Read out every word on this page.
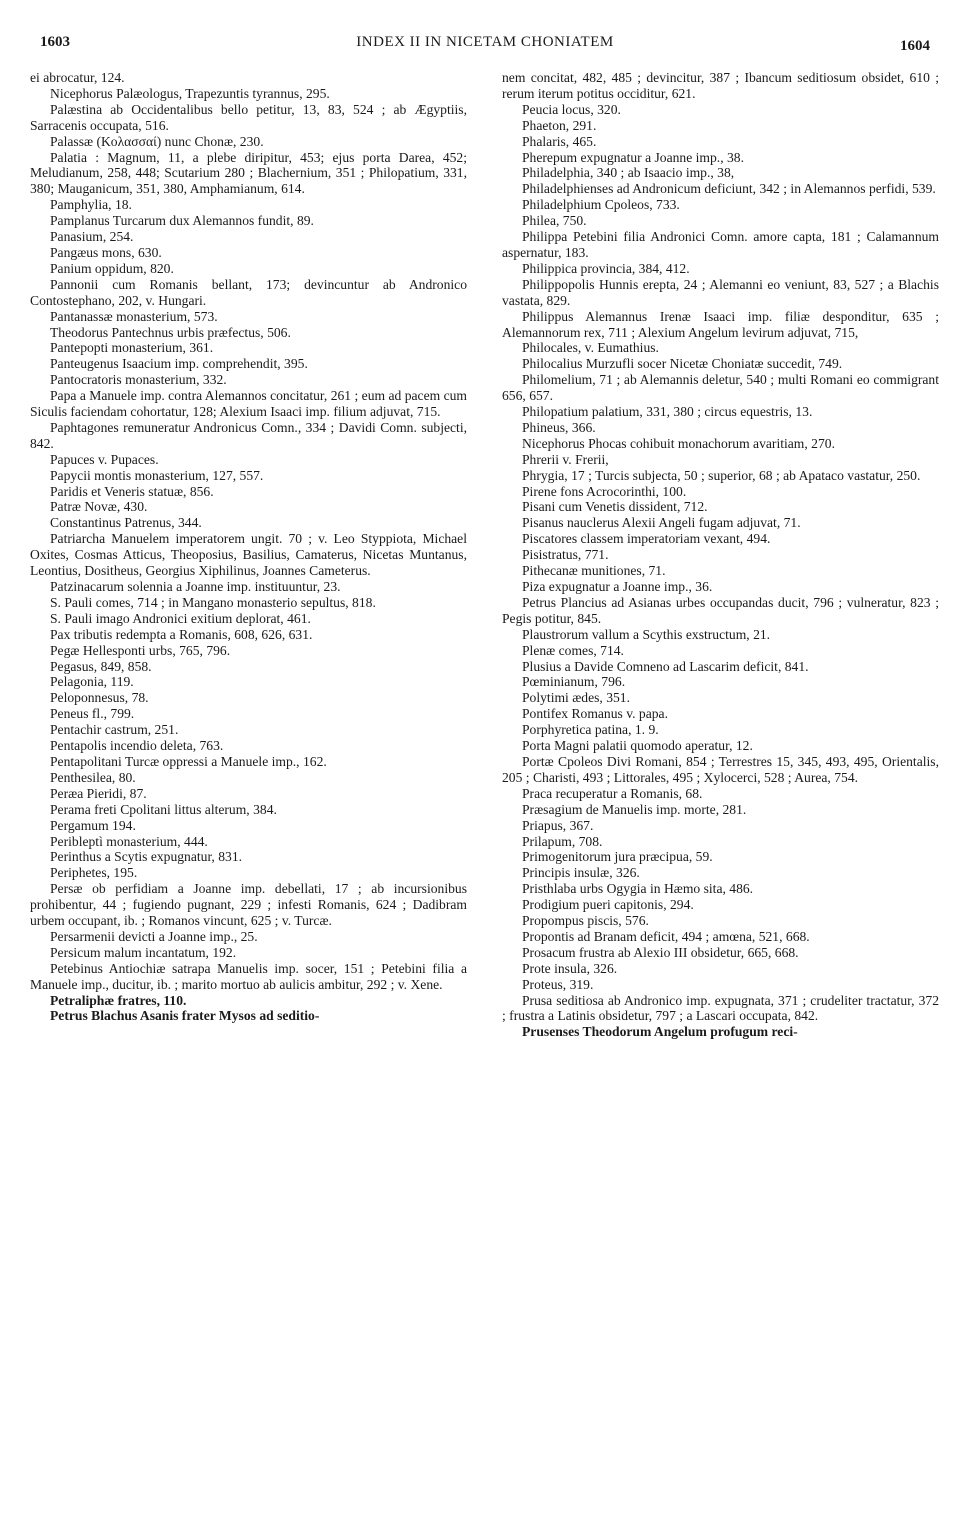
1603	INDEX II IN NICETAM CHONIATEM	1604

ei abrocatur, 124.

Nicephorus Palæologus, Trapezuntis tyrannus, 295.

Palæstina ab Occidentalibus bello petitur, 13, 83, 524 ; ab Ægyptiis, Sarracenis occupata, 516.

Palassæ (Κολασσαί) nunc Chonæ, 230.

Palatia : Magnum, 11, a plebe diripitur, 453; ejus porta Darea, 452; Meludianum, 258, 448; Scutarium 280 ; Blachernium, 351 ; Philopatium, 331, 380; Mauganicum, 351, 380, Amphamianum, 614.

Pamphylia, 18.

Pamplanus Turcarum dux Alemannos fundit, 89.

Panasium, 254.

Pangæus mons, 630.

Panium oppidum, 820.

Pannonii cum Romanis bellant, 173; devincuntur ab Andronico Contostephano, 202, v. Hungari.

Pantanassæ monasterium, 573.

Theodorus Pantechnus urbis præfectus, 506.

Pantepopti monasterium, 361.

Panteugenus Isaacium imp. comprehendit, 395.

Pantocratoris monasterium, 332.

Papa a Manuele imp. contra Alemannos concitatur, 261 ; eum ad pacem cum Siculis faciendam cohortatur, 128; Alexium Isaaci imp. filium adjuvat, 715.

Paphtagones remuneratur Andronicus Comn., 334 ; Davidi Comn. subjecti, 842.

Papuces v. Pupaces.

Papycii montis monasterium, 127, 557.

Paridis et Veneris statuæ, 856.

Patræ Novæ, 430.

Constantinus Patrenus, 344.

Patriarcha Manuelem imperatorem ungit. 70 ; v. Leo Styppiota, Michael Oxites, Cosmas Atticus, Theoposius, Basilius, Camaterus, Nicetas Muntanus, Leontius, Dositheus, Georgius Xiphilinus, Joannes Cameterus.

Patzinacarum solennia a Joanne imp. instituuntur, 23.

S. Pauli comes, 714 ; in Mangano monasterio sepultus, 818.

S. Pauli imago Andronici exitium deplorat, 461.

Pax tributis redempta a Romanis, 608, 626, 631.

Pegæ Hellesponti urbs, 765, 796.

Pegasus, 849, 858.

Pelagonia, 119.

Peloponnesus, 78.

Peneus fl., 799.

Pentachir castrum, 251.

Pentapolis incendio deleta, 763.

Pentapolitani Turcæ oppressi a Manuele imp., 162.

Penthesilea, 80.

Peræa Pieridi, 87.

Perama freti Cpolitani littus alterum, 384.

Pergamum 194.

Peribleptì monasterium, 444.

Perinthus a Scytis expugnatur, 831.

Periphetes, 195.

Persæ ob perfidiam a Joanne imp. debellati, 17 ; ab incursionibus prohibentur, 44 ; fugiendo pugnant, 229 ; infesti Romanis, 624 ; Dadibram urbem occupant, ib. ; Romanos vincunt, 625 ; v. Turcæ.

Persarmenii devicti a Joanne imp., 25.

Persicum malum incantatum, 192.

Petebinus Antiochiæ satrapa Manuelis imp. socer, 151 ; Petebini filia a Manuele imp., ducitur, ib. ; marito mortuo ab aulicis ambitur, 292 ; v. Xene.

Petraliphæ fratres, 110.

Petrus Blachus Asanis frater Mysos ad seditio-

nem concitat, 482, 485 ; devincitur, 387 ; Ibancum seditiosum obsidet, 610 ; rerum iterum potitus occiditur, 621.

Peucia locus, 320.

Phaeton, 291.

Phalaris, 465.

Pherepum expugnatur a Joanne imp., 38.

Philadelphia, 340 ; ab Isaacio imp., 38,

Philadelphienses ad Andronicum deficiunt, 342 ; in Alemannos perfidi, 539.

Philadelphium Cpoleos, 733.

Philea, 750.

Philippa Petebini filia Andronici Comn. amore capta, 181 ; Calamannum aspernatur, 183.

Philippica provincia, 384, 412.

Philippopolis Hunnis erepta, 24 ; Alemanni eo veniunt, 83, 527 ; a Blachis vastata, 829.

Philippus Alemannus Irenæ Isaaci imp. filiæ desponditur, 635 ; Alemannorum rex, 711 ; Alexium Angelum levirum adjuvat, 715,

Philocales, v. Eumathius.

Philocalius Murzufli socer Nicetæ Choniatæ succedit, 749.

Philomelium, 71 ; ab Alemannis deletur, 540 ; multi Romani eo commigrant 656, 657.

Philopatium palatium, 331, 380 ; circus equestris, 13.

Phineus, 366.

Nicephorus Phocas cohibuit monachorum avaritiam, 270.

Phrerii v. Frerii,

Phrygia, 17 ; Turcis subjecta, 50 ; superior, 68 ; ab Apataco vastatur, 250.

Pirene fons Acrocorinthi, 100.

Pisani cum Venetis dissident, 712.

Pisanus nauclerus Alexii Angeli fugam adjuvat, 71.

Piscatores classem imperatoriam vexant, 494.

Pisistratus, 771.

Pithecanæ munitiones, 71.

Piza expugnatur a Joanne imp., 36.

Petrus Plancius ad Asianas urbes occupandas ducit, 796 ; vulneratur, 823 ; Pegis potitur, 845.

Plaustrorum vallum a Scythis exstructum, 21.

Plenæ comes, 714.

Plusius a Davide Comneno ad Lascarim deficit, 841.

Pœminianum, 796.

Polytimi ædes, 351.

Pontifex Romanus v. papa.

Porphyretica patina, 1. 9.

Porta Magni palatii quomodo aperatur, 12.

Portæ Cpoleos Divi Romani, 854 ; Terrestres 15, 345, 493, 495, Orientalis, 205 ; Charisti, 493 ; Littorales, 495 ; Xylocerci, 528 ; Aurea, 754.

Praca recuperatur a Romanis, 68.

Præsagium de Manuelis imp. morte, 281.

Priapus, 367.

Prilapum, 708.

Primogenitorum jura præcipua, 59.

Principis insulæ, 326.

Pristhlaba urbs Ogygia in Hæmo sita, 486.

Prodigium pueri capitonis, 294.

Propompus piscis, 576.

Propontis ad Branam deficit, 494 ; amœna, 521, 668.

Prosacum frustra ab Alexio III obsidetur, 665, 668.

Prote insula, 326.

Proteus, 319.

Prusa seditiosa ab Andronico imp. expugnata, 371 ; crudeliter tractatur, 372 ; frustra a Latinis obsidetur, 797 ; a Lascari occupata, 842.

Prusenses Theodorum Angelum profugum reci-
